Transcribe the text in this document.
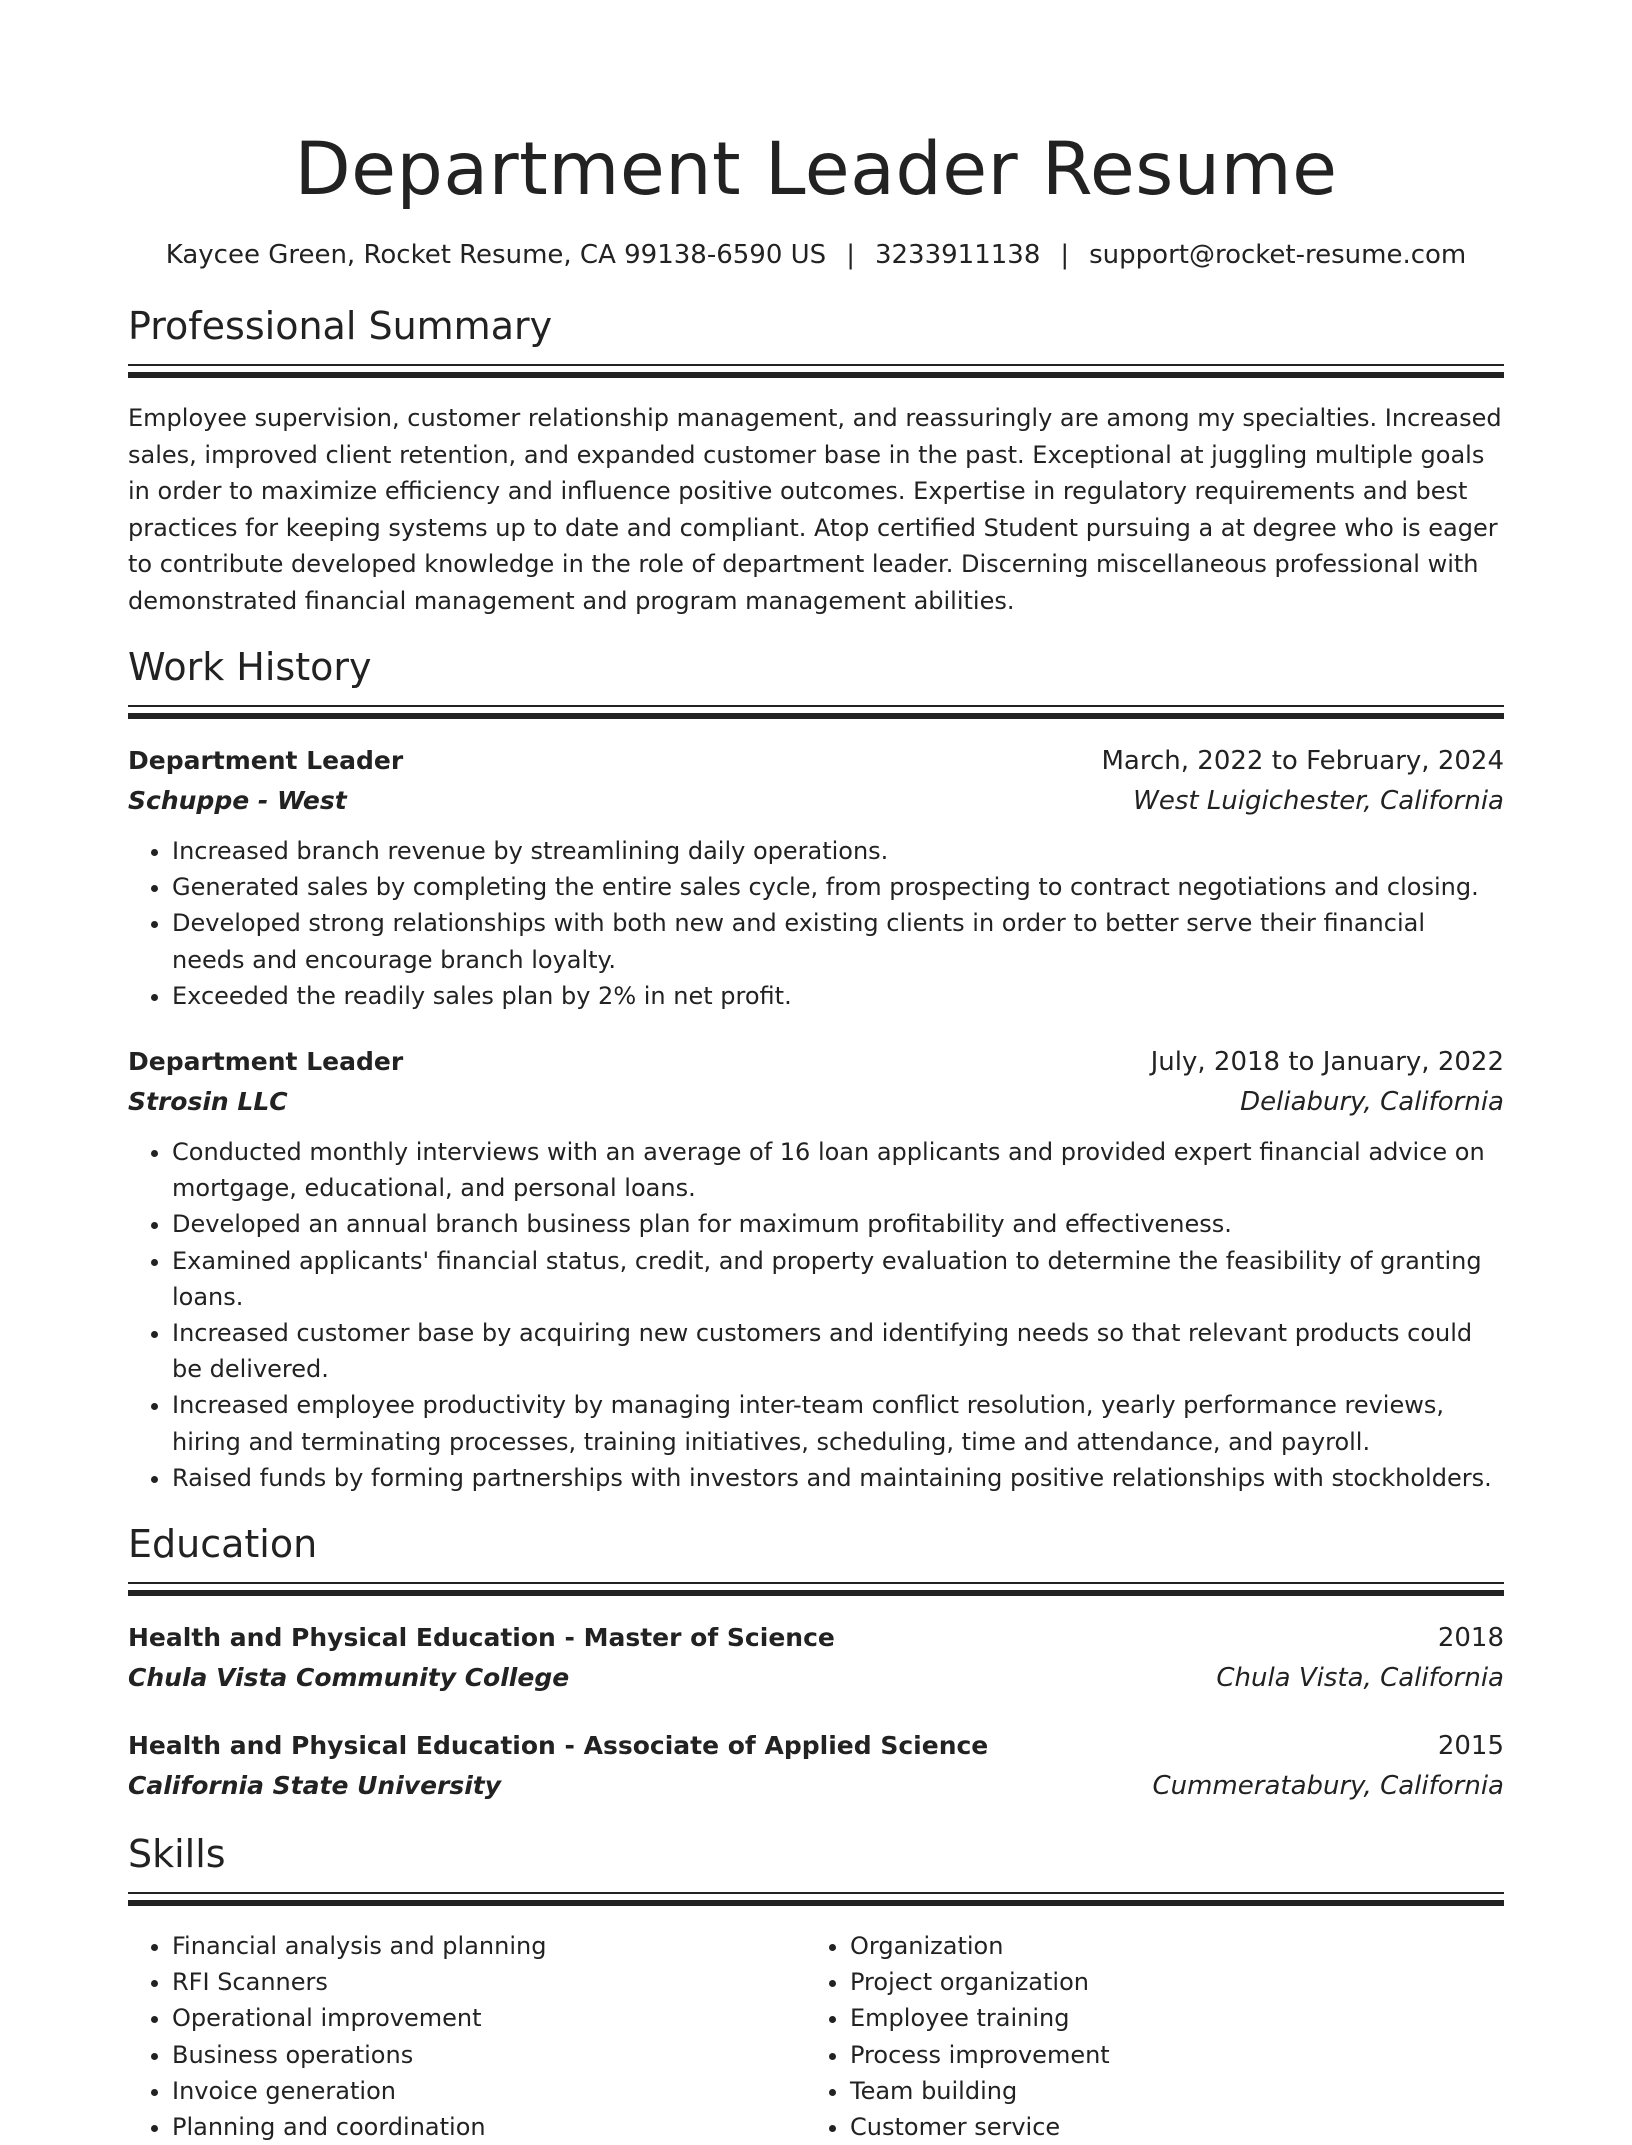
Department Leader Resume
Kaycee Green, Rocket Resume, CA 99138-6590 US | 3233911138 | support@rocket-resume.com
Professional Summary

Employee supervision, customer relationship management, and reassuringly are among my specialties. Increased sales, improved client retention, and expanded customer base in the past. Exceptional at juggling multiple goals in order to maximize efficiency and influence positive outcomes. Expertise in regulatory requirements and best practices for keeping systems up to date and compliant. Atop certified Student pursuing a at degree who is eager to contribute developed knowledge in the role of department leader. Discerning miscellaneous professional with demonstrated financial management and program management abilities.

Work History
Department Leader	March, 2022 to February, 2024
Schuppe - West	West Luigichester, California
• Increased branch revenue by streamlining daily operations.
• Generated sales by completing the entire sales cycle, from prospecting to contract negotiations and closing.
• Developed strong relationships with both new and existing clients in order to better serve their financial needs and encourage branch loyalty.
• Exceeded the readily sales plan by 2% in net profit.
Department Leader	July, 2018 to January, 2022
Strosin LLC	Deliabury, California
• Conducted monthly interviews with an average of 16 loan applicants and provided expert financial advice on mortgage, educational, and personal loans.
• Developed an annual branch business plan for maximum profitability and effectiveness.
• Examined applicants' financial status, credit, and property evaluation to determine the feasibility of granting loans.
• Increased customer base by acquiring new customers and identifying needs so that relevant products could be delivered.
• Increased employee productivity by managing inter-team conflict resolution, yearly performance reviews, hiring and terminating processes, training initiatives, scheduling, time and attendance, and payroll.
• Raised funds by forming partnerships with investors and maintaining positive relationships with stockholders.
Education
Health and Physical Education - Master of Science	2018
Chula Vista Community College	Chula Vista, California
Health and Physical Education - Associate of Applied Science	2015
California State University	Cummeratabury, California
Skills
• Financial analysis and planning
• RFI Scanners
• Operational improvement
• Business operations
• Invoice generation
• Planning and coordination
• Organization
• Project organization
• Employee training
• Process improvement
• Team building
• Customer service
